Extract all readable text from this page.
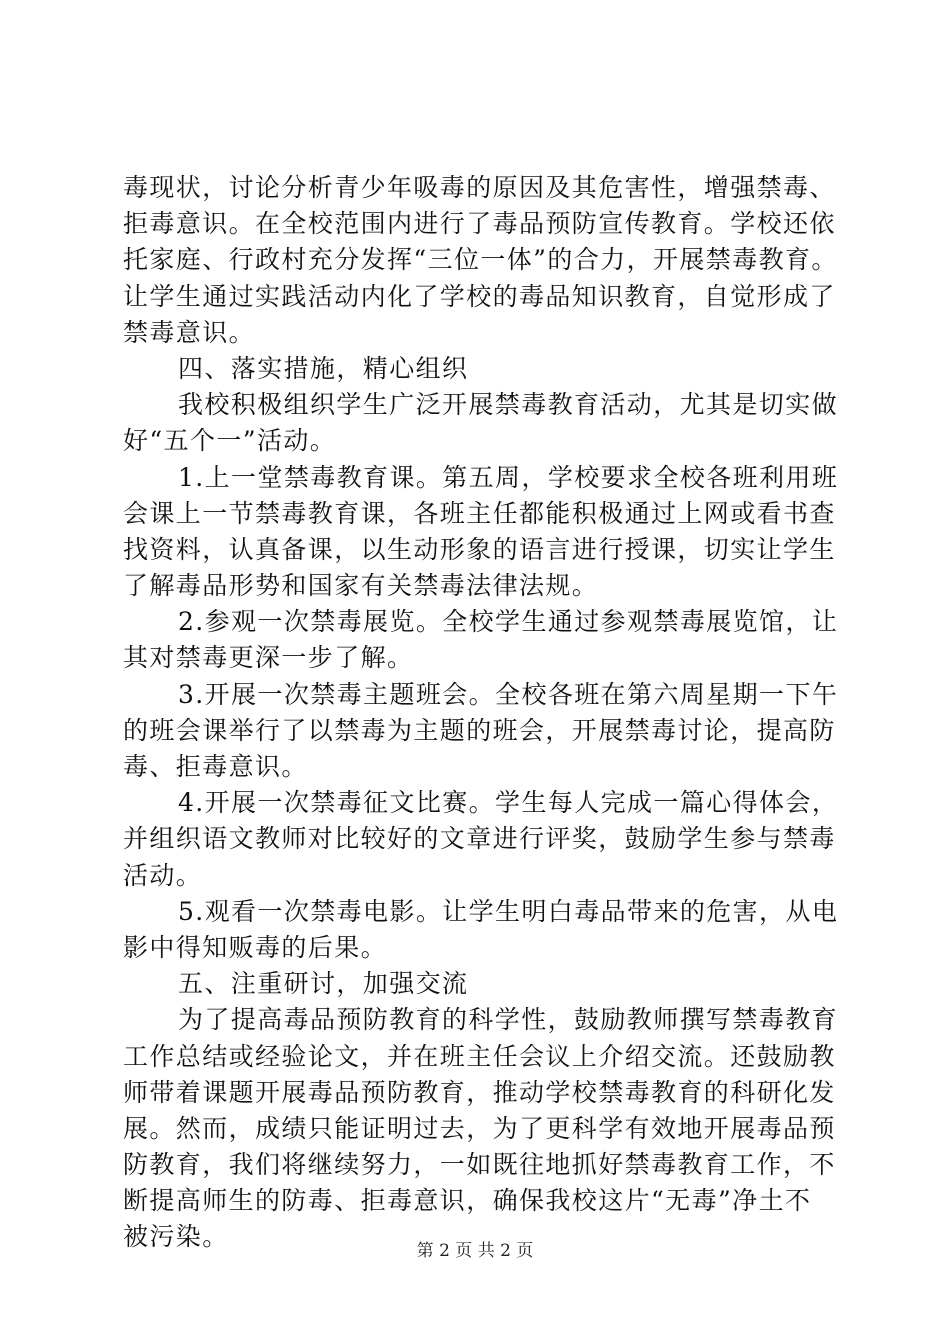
毒现状，讨论分析青少年吸毒的原因及其危害性，增强禁毒、
拒毒意识。在全校范围内进行了毒品预防宣传教育。学校还依
托家庭、行政村充分发挥“三位一体”的合力，开展禁毒教育。
让学生通过实践活动内化了学校的毒品知识教育，自觉形成了
禁毒意识。
四、落实措施，精心组织
我校积极组织学生广泛开展禁毒教育活动，尤其是切实做
好“五个一”活动。
1.上一堂禁毒教育课。第五周，学校要求全校各班利用班
会课上一节禁毒教育课，各班主任都能积极通过上网或看书查
找资料，认真备课，以生动形象的语言进行授课，切实让学生
了解毒品形势和国家有关禁毒法律法规。
2.参观一次禁毒展览。全校学生通过参观禁毒展览馆，让
其对禁毒更深一步了解。
3.开展一次禁毒主题班会。全校各班在第六周星期一下午
的班会课举行了以禁毒为主题的班会，开展禁毒讨论，提高防
毒、拒毒意识。
4.开展一次禁毒征文比赛。学生每人完成一篇心得体会，
并组织语文教师对比较好的文章进行评奖，鼓励学生参与禁毒
活动。
5.观看一次禁毒电影。让学生明白毒品带来的危害，从电
影中得知贩毒的后果。
五、注重研讨，加强交流
为了提高毒品预防教育的科学性，鼓励教师撰写禁毒教育
工作总结或经验论文，并在班主任会议上介绍交流。还鼓励教
师带着课题开展毒品预防教育，推动学校禁毒教育的科研化发
展。然而，成绩只能证明过去，为了更科学有效地开展毒品预
防教育，我们将继续努力，一如既往地抓好禁毒教育工作，不
断提高师生的防毒、拒毒意识，确保我校这片“无毒”净土不
被污染。	第 2 页 共 2 页
